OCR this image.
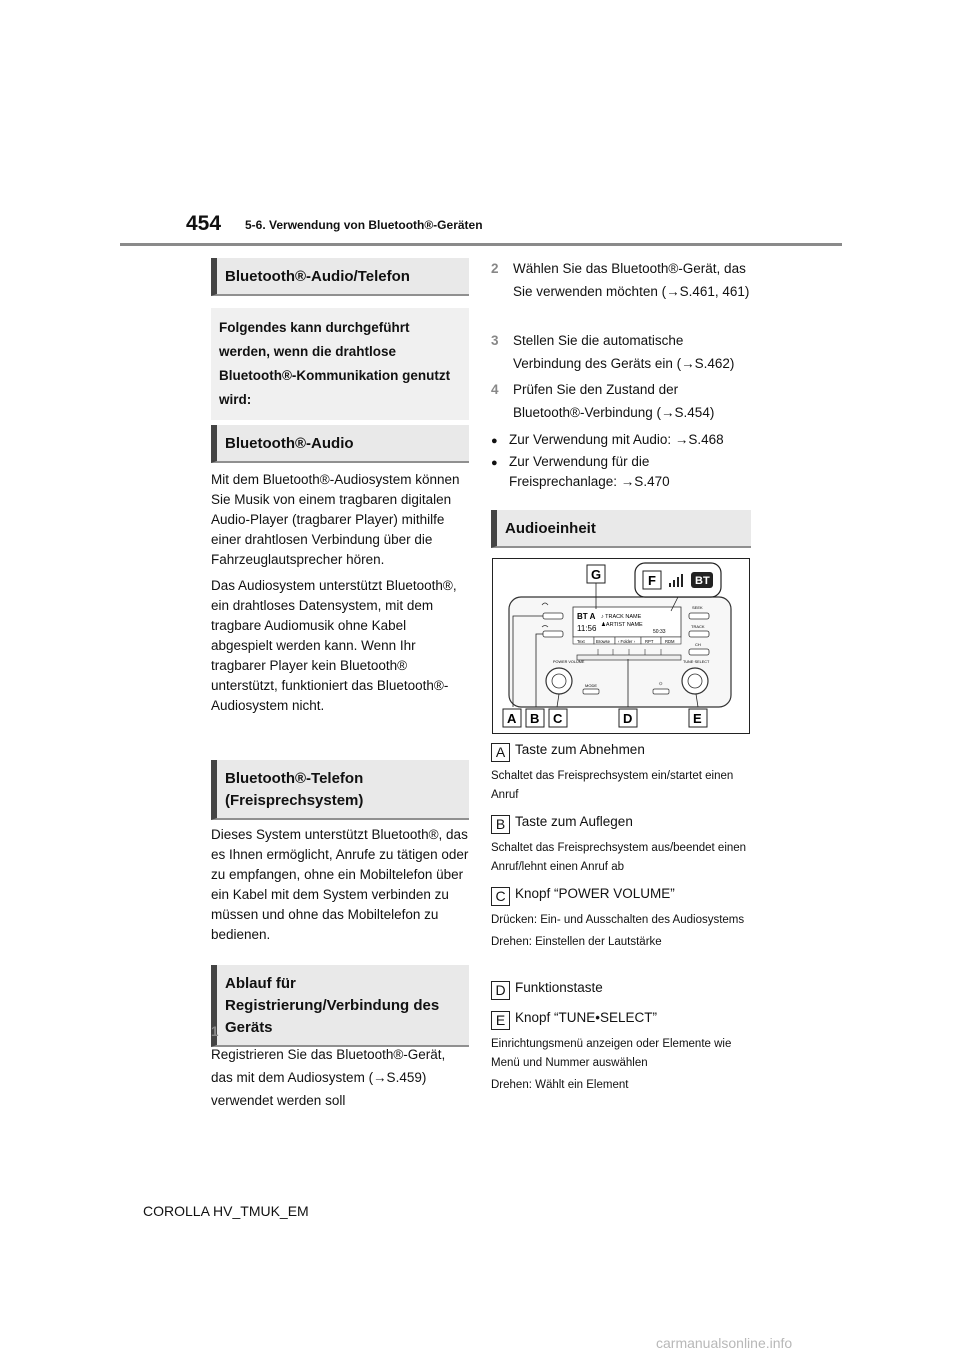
454 5-6. Verwendung von Bluetooth®-Geräten
Bluetooth®-Audio/Telefon
Folgendes kann durchgeführt werden, wenn die drahtlose Bluetooth®-Kommunikation genutzt wird:
Bluetooth®-Audio

Mit dem Bluetooth®-Audiosystem können Sie Musik von einem tragbaren digitalen Audio-Player (tragbarer Player) mithilfe einer drahtlosen Verbindung über die Fahrzeuglautsprecher hören.

Das Audiosystem unterstützt Bluetooth®, ein drahtloses Datensystem, mit dem tragbare Audiomusik ohne Kabel abgespielt werden kann. Wenn Ihr tragbarer Player kein Bluetooth® unterstützt, funktioniert das Bluetooth®-Audiosystem nicht.

Bluetooth®-Telefon (Freisprechsystem)
Dieses System unterstützt Bluetooth®, das es Ihnen ermöglicht, Anrufe zu tätigen oder zu empfangen, ohne ein Mobiltelefon über ein Kabel mit dem System verbinden zu müssen und ohne das Mobiltelefon zu bedienen.
Ablauf für Registrierung/Verbindung des Geräts
1Registrieren Sie das Bluetooth®-Gerät, das mit dem Audiosystem (→S.459) verwendet werden soll
2 Wählen Sie das Bluetooth®-Gerät, das Sie verwenden möchten (→S.461, 461)
3 Stellen Sie die automatische Verbindung des Geräts ein (→S.462)
4 Prüfen Sie den Zustand der Bluetooth®-Verbindung (→S.454)
● Zur Verwendung mit Audio: →S.468
● Zur Verwendung für die Freisprechanlage: →S.470
Audioeinheit
BT A
11:56
♪ TRACK NAME
♟ARTIST NAME
50:33
Text	Browse ‹ Folder › RPT	RDM
SEEK
TRACK
CH
POWER VOLUME	TUNE·SELECT
MODE	☼
G	F	BT
A B C	D	E
A Taste zum Abnehmen
Schaltet das Freisprechsystem ein/startet einen Anruf
B Taste zum Auflegen
Schaltet das Freisprechsystem aus/beendet einen Anruf/lehnt einen Anruf ab
C Knopf “POWER VOLUME”
Drücken: Ein- und Ausschalten des Audiosystems
Drehen: Einstellen der Lautstärke
D Funktionstaste
E Knopf “TUNE•SELECT”
Einrichtungsmenü anzeigen oder Elemente wie Menü und Nummer auswählen
Drehen: Wählt ein Element
COROLLA HV_TMUK_EM
carmanualsonline.info
